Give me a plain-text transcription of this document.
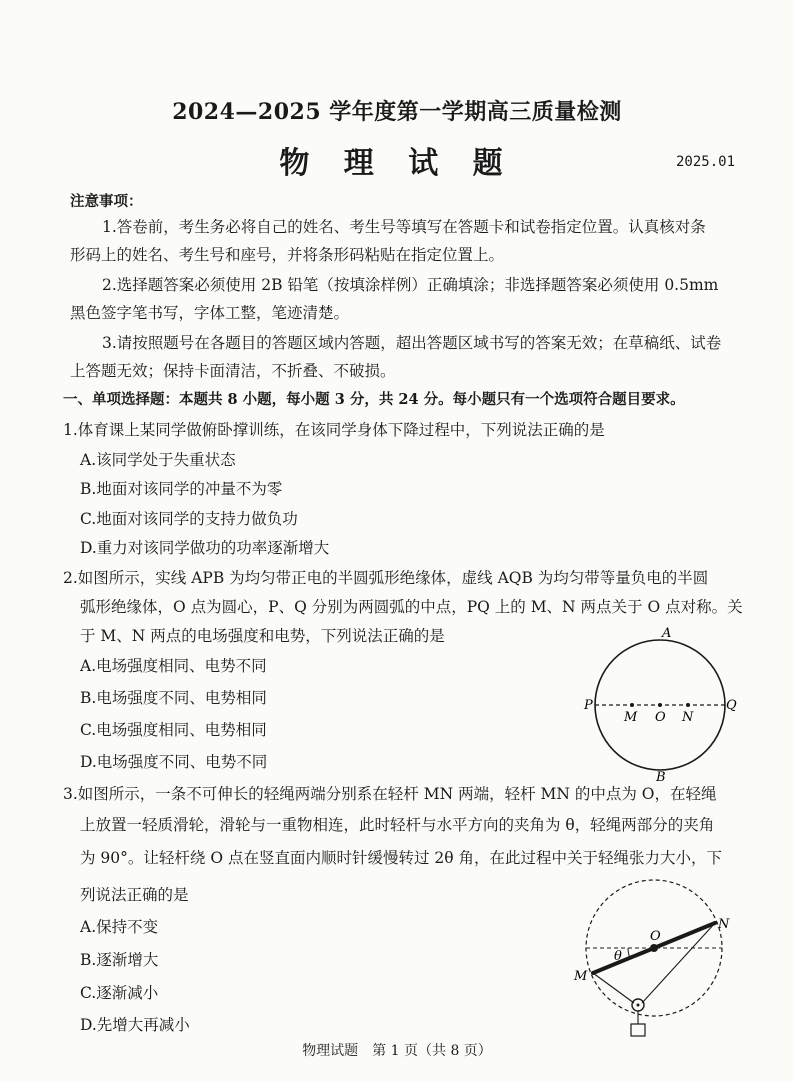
2024—2025 学年度第一学期高三质量检测
物 理 试 题	2025.01
注意事项：
1.答卷前，考生务必将自己的姓名、考生号等填写在答题卡和试卷指定位置。认真核对条
形码上的姓名、考生号和座号，并将条形码粘贴在指定位置上。
2.选择题答案必须使用 2B 铅笔（按填涂样例）正确填涂；非选择题答案必须使用 0.5mm
黑色签字笔书写，字体工整，笔迹清楚。
3.请按照题号在各题目的答题区域内答题，超出答题区域书写的答案无效；在草稿纸、试卷
上答题无效；保持卡面清洁，不折叠、不破损。
一、单项选择题：本题共 8 小题，每小题 3 分，共 24 分。每小题只有一个选项符合题目要求。
1.体育课上某同学做俯卧撑训练，在该同学身体下降过程中，下列说法正确的是
A.该同学处于失重状态
B.地面对该同学的冲量不为零
C.地面对该同学的支持力做负功
D.重力对该同学做功的功率逐渐增大
2.如图所示，实线 APB 为均匀带正电的半圆弧形绝缘体，虚线 AQB 为均匀带等量负电的半圆
弧形绝缘体，O 点为圆心，P、Q 分别为两圆弧的中点，PQ 上的 M、N 两点关于 O 点对称。关
于 M、N 两点的电场强度和电势，下列说法正确的是
A.电场强度相同、电势不同
B.电场强度不同、电势相同
C.电场强度相同、电势相同
D.电场强度不同、电势不同
A
B
P	Q
M O N
3.如图所示，一条不可伸长的轻绳两端分别系在轻杆 MN 两端，轻杆 MN 的中点为 O，在轻绳
上放置一轻质滑轮，滑轮与一重物相连，此时轻杆与水平方向的夹角为 θ，轻绳两部分的夹角
为 90°。让轻杆绕 O 点在竖直面内顺时针缓慢转过 2θ 角，在此过程中关于轻绳张力大小，下
列说法正确的是
A.保持不变
B.逐渐增大
C.逐渐减小
D.先增大再减小
θ
O
N
M
物理试题　第 1 页（共 8 页）
